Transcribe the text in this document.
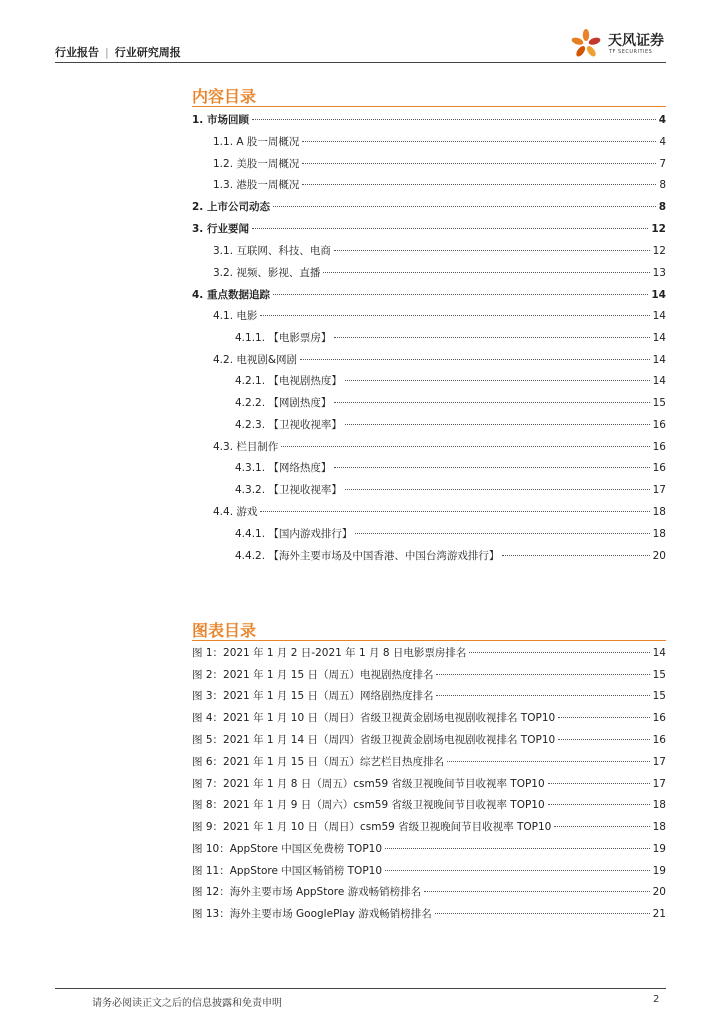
行业报告 | 行业研究周报
天风证券
TF SECURITIES
内容目录
1. 市场回顾	4
1.1. A 股一周概况	4
1.2. 美股一周概况	7
1.3. 港股一周概况	8
2. 上市公司动态	8
3. 行业要闻	12
3.1. 互联网、科技、电商	12
3.2. 视频、影视、直播	13
4. 重点数据追踪	14
4.1. 电影	14
4.1.1. 【电影票房】	14
4.2. 电视剧&网剧	14
4.2.1. 【电视剧热度】	14
4.2.2. 【网剧热度】	15
4.2.3. 【卫视收视率】	16
4.3. 栏目制作	16
4.3.1. 【网络热度】	16
4.3.2. 【卫视收视率】	17
4.4. 游戏	18
4.4.1. 【国内游戏排行】	18
4.4.2. 【海外主要市场及中国香港、中国台湾游戏排行】	20
图表目录
图 1：2021 年 1 月 2 日-2021 年 1 月 8 日电影票房排名	14
图 2：2021 年 1 月 15 日（周五）电视剧热度排名	15
图 3：2021 年 1 月 15 日（周五）网络剧热度排名	15
图 4：2021 年 1 月 10 日（周日）省级卫视黄金剧场电视剧收视排名 TOP10	16
图 5：2021 年 1 月 14 日（周四）省级卫视黄金剧场电视剧收视排名 TOP10	16
图 6：2021 年 1 月 15 日（周五）综艺栏目热度排名	17
图 7：2021 年 1 月 8 日（周五）csm59 省级卫视晚间节目收视率 TOP10	17
图 8：2021 年 1 月 9 日（周六）csm59 省级卫视晚间节目收视率 TOP10	18
图 9：2021 年 1 月 10 日（周日）csm59 省级卫视晚间节目收视率 TOP10	18
图 10：AppStore 中国区免费榜 TOP10	19
图 11：AppStore 中国区畅销榜 TOP10	19
图 12：海外主要市场 AppStore 游戏畅销榜排名	20
图 13：海外主要市场 GooglePlay 游戏畅销榜排名	21
请务必阅读正文之后的信息披露和免责申明	2
